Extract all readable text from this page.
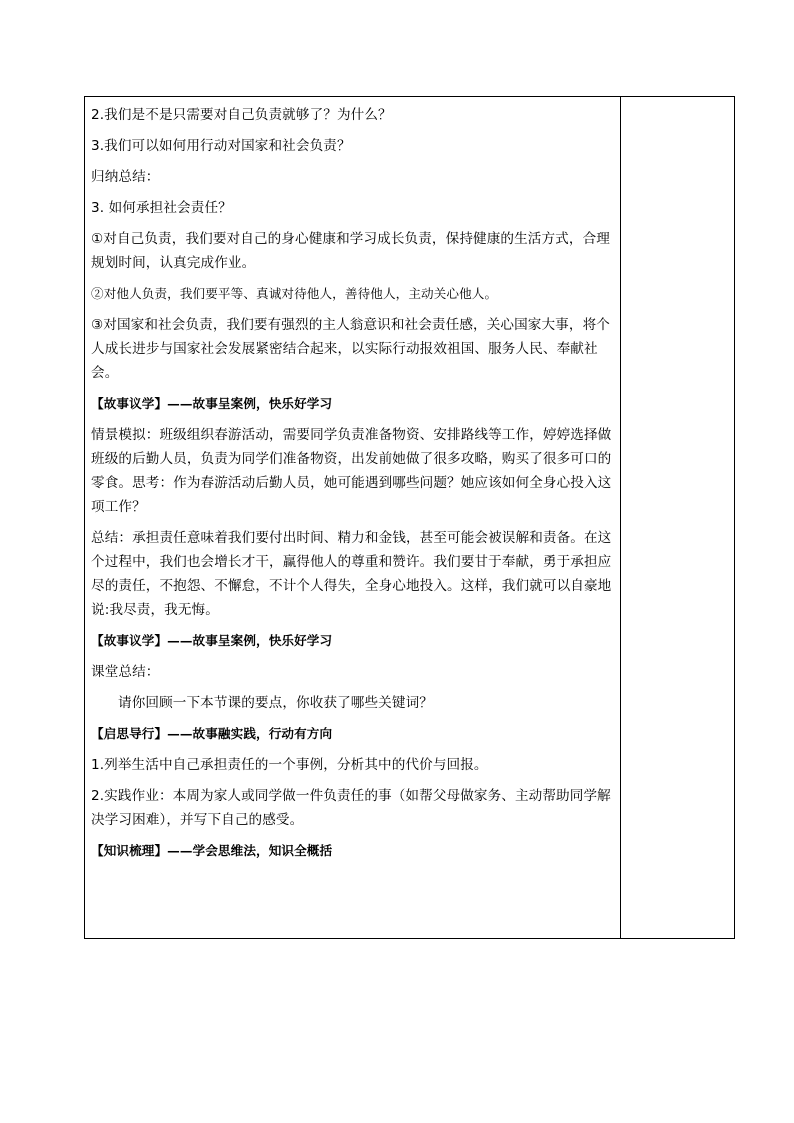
2.我们是不是只需要对自己负责就够了？为什么？

3.我们可以如何用行动对国家和社会负责？

归纳总结：

3. 如何承担社会责任？

①对自己负责，我们要对自己的身心健康和学习成长负责，保持健康的生活方式，合理规划时间，认真完成作业。

②对他人负责，我们要平等、真诚对待他人，善待他人，主动关心他人。

③对国家和社会负责，我们要有强烈的主人翁意识和社会责任感，关心国家大事，将个人成长进步与国家社会发展紧密结合起来，以实际行动报效祖国、服务人民、奉献社会。

【故事议学】——故事呈案例，快乐好学习

情景模拟：班级组织春游活动，需要同学负责准备物资、安排路线等工作，婷婷选择做班级的后勤人员，负责为同学们准备物资，出发前她做了很多攻略，购买了很多可口的零食。思考：作为春游活动后勤人员，她可能遇到哪些问题？她应该如何全身心投入这项工作？

总结：承担责任意味着我们要付出时间、精力和金钱，甚至可能会被误解和责备。在这个过程中，我们也会增长才干，赢得他人的尊重和赞许。我们要甘于奉献，勇于承担应尽的责任，不抱怨、不懈怠，不计个人得失，全身心地投入。这样，我们就可以自豪地说:我尽责，我无悔。

【故事议学】——故事呈案例，快乐好学习

课堂总结：

请你回顾一下本节课的要点，你收获了哪些关键词？

【启思导行】——故事融实践，行动有方向

1.列举生活中自己承担责任的一个事例，分析其中的代价与回报。

2.实践作业：本周为家人或同学做一件负责任的事（如帮父母做家务、主动帮助同学解决学习困难），并写下自己的感受。

【知识梳理】——学会思维法，知识全概括
